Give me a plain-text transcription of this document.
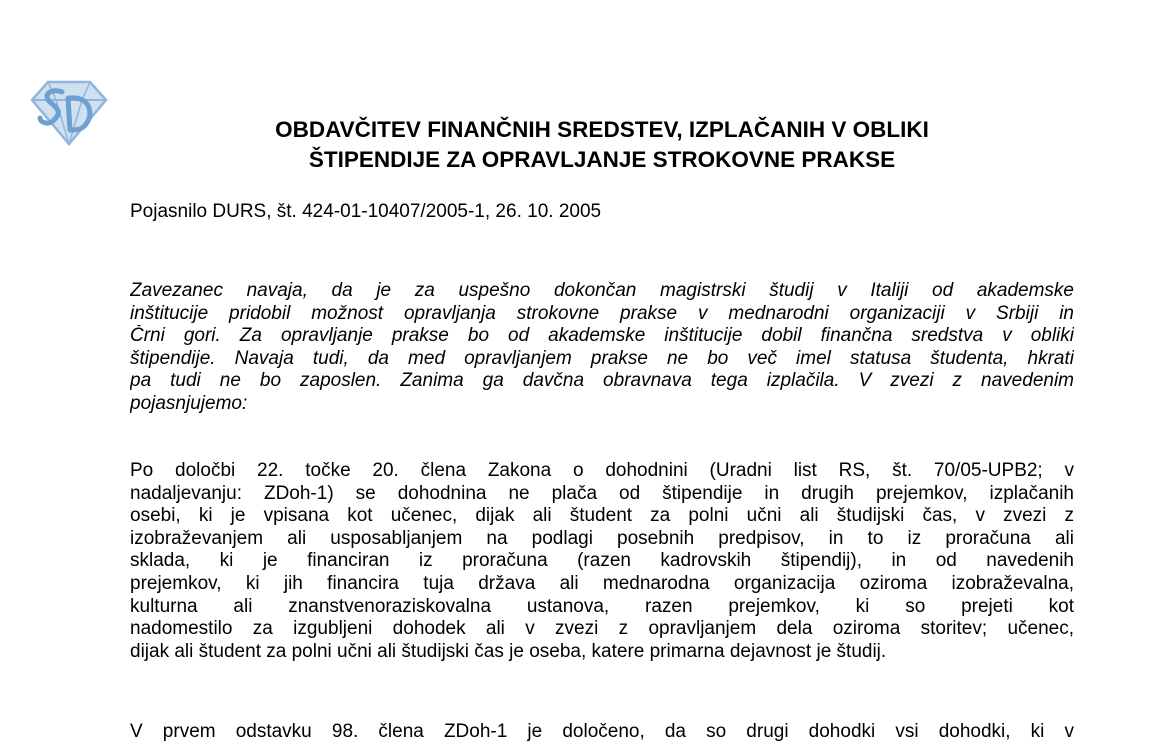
OBDAVČITEV FINANČNIH SREDSTEV, IZPLAČANIH V OBLIKI
ŠTIPENDIJE ZA OPRAVLJANJE STROKOVNE PRAKSE

Pojasnilo DURS, št. 424-01-10407/2005-1, 26. 10. 2005

Zavezanec navaja, da je za uspešno dokončan magistrski študij v Italiji od akademske
inštitucije pridobil možnost opravljanja strokovne prakse v mednarodni organizaciji v Srbiji in
Črni gori. Za opravljanje prakse bo od akademske inštitucije dobil finančna sredstva v obliki
štipendije. Navaja tudi, da med opravljanjem prakse ne bo več imel statusa študenta, hkrati
pa tudi ne bo zaposlen. Zanima ga davčna obravnava tega izplačila. V zvezi z navedenim
pojasnjujemo:

Po določbi 22. točke 20. člena Zakona o dohodnini (Uradni list RS, št. 70/05-UPB2; v
nadaljevanju: ZDoh-1) se dohodnina ne plača od štipendije in drugih prejemkov, izplačanih
osebi, ki je vpisana kot učenec, dijak ali študent za polni učni ali študijski čas, v zvezi z
izobraževanjem ali usposabljanjem na podlagi posebnih predpisov, in to iz proračuna ali
sklada, ki je financiran iz proračuna (razen kadrovskih štipendij), in od navedenih
prejemkov, ki jih financira tuja država ali mednarodna organizacija oziroma izobraževalna,
kulturna ali znanstvenoraziskovalna ustanova, razen prejemkov, ki so prejeti kot
nadomestilo za izgubljeni dohodek ali v zvezi z opravljanjem dela oziroma storitev; učenec,
dijak ali študent za polni učni ali študijski čas je oseba, katere primarna dejavnost je študij.

V prvem odstavku 98. člena ZDoh-1 je določeno, da so drugi dohodki vsi dohodki, ki v
